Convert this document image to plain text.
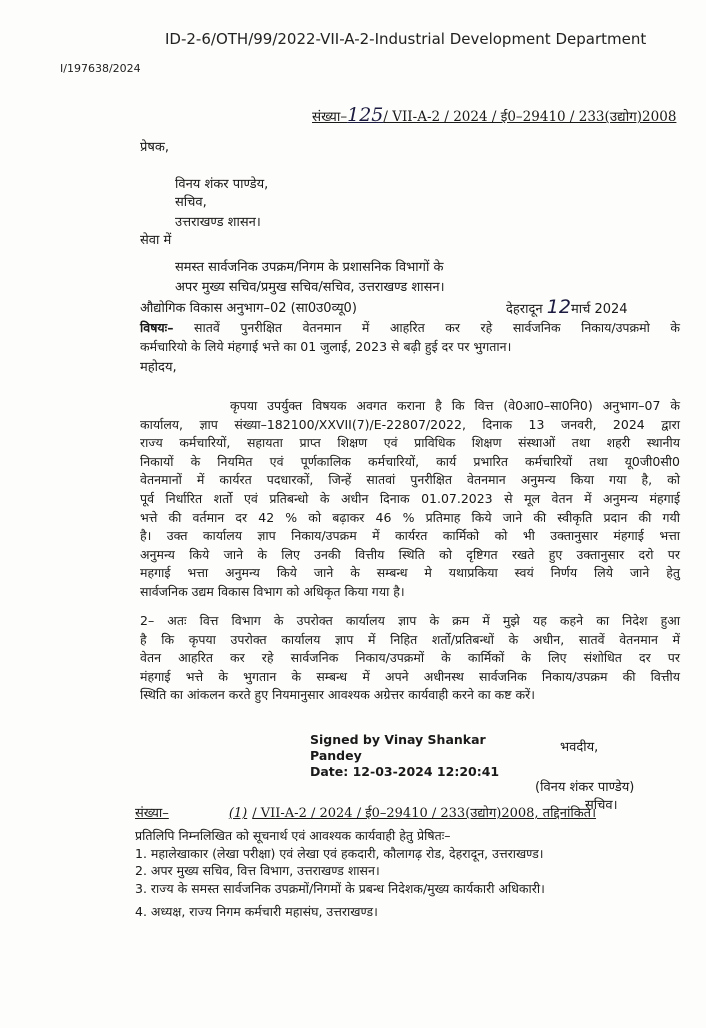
ID-2-6/OTH/99/2022-VII-A-2-Industrial Development Department
I/197638/2024
संख्या–125/ VII-A-2 / 2024 / ई0–29410 / 233(उद्योग)2008
प्रेषक,
विनय शंकर पाण्डेय,
सचिव,
उत्तराखण्ड शासन।
सेवा में
समस्त सार्वजनिक उपक्रम/निगम के प्रशासनिक विभागों के
अपर मुख्य सचिव/प्रमुख सचिव/सचिव, उत्तराखण्ड शासन।
औद्योगिक विकास अनुभाग–02 (सा0उ0व्यू0)	देहरादून 12मार्च 2024
विषयः– सातवें पुनरीक्षित वेतनमान में आहरित कर रहे सार्वजनिक निकाय/उपक्रमो के
कर्मचारियो के लिये मंहगाई भत्ते का 01 जुलाई, 2023 से बढ़ी हुई दर पर भुगतान।
महोदय,
कृपया उपर्युक्त विषयक अवगत कराना है कि वित्त (वे0आ0–सा0नि0) अनुभाग–07 के
कार्यालय, ज्ञाप संख्या–182100/XXVII(7)/E-22807/2022, दिनाक 13 जनवरी, 2024 द्वारा
राज्य कर्मचारियों, सहायता प्राप्त शिक्षण एवं प्राविधिक शिक्षण संस्थाओं तथा शहरी स्थानीय
निकायों के नियमित एवं पूर्णकालिक कर्मचारियों, कार्य प्रभारित कर्मचारियों तथा यू0जी0सी0
वेतनमानों में कार्यरत पदधारकों, जिन्हें सातवां पुनरीक्षित वेतनमान अनुमन्य किया गया है, को
पूर्व निर्धारित शर्तो एवं प्रतिबन्धो के अधीन दिनाक 01.07.2023 से मूल वेतन में अनुमन्य मंहगाई
भत्ते की वर्तमान दर 42 % को बढ़ाकर 46 % प्रतिमाह किये जाने की स्वीकृति प्रदान की गयी
है। उक्त कार्यालय ज्ञाप निकाय/उपक्रम में कार्यरत कार्मिको को भी उक्तानुसार मंहगाई भत्ता
अनुमन्य किये जाने के लिए उनकी वित्तीय स्थिति को दृष्टिगत रखते हुए उक्तानुसार दरो पर
महगाई भत्ता अनुमन्य किये जाने के सम्बन्ध मे यथाप्रकिया स्वयं निर्णय लिये जाने हेतु
सार्वजनिक उद्यम विकास विभाग को अधिकृत किया गया है।
2– अतः वित्त विभाग के उपरोक्त कार्यालय ज्ञाप के क्रम में मुझे यह कहने का निदेश हुआ
है कि कृपया उपरोक्त कार्यालय ज्ञाप में निहित शर्तो/प्रतिबन्धों के अधीन, सातवें वेतनमान में
वेतन आहरित कर रहे सार्वजनिक निकाय/उपक्रमों के कार्मिकों के लिए संशोधित दर पर
मंहगाई भत्ते के भुगतान के सम्बन्ध में अपने अधीनस्थ सार्वजनिक निकाय/उपक्रम की वित्तीय
स्थिति का आंकलन करते हुए नियमानुसार आवश्यक अग्रेत्तर कार्यवाही करने का कष्ट करें।
Signed by Vinay Shankar Pandey
Date: 12-03-2024 12:20:41
भवदीय,
(विनय शंकर पाण्डेय)
सचिव।
संख्या–	(1) / VII-A-2 / 2024 / ई0–29410 / 233(उद्योग)2008, तद्दिनांकित।
प्रतिलिपि निम्नलिखित को सूचनार्थ एवं आवश्यक कार्यवाही हेतु प्रेषितः–
1. महालेखाकार (लेखा परीक्षा) एवं लेखा एवं हकदारी, कौलागढ़ रोड, देहरादून, उत्तराखण्ड।
2. अपर मुख्य सचिव, वित्त विभाग, उत्तराखण्ड शासन।
3. राज्य के समस्त सार्वजनिक उपक्रमों/निगमों के प्रबन्ध निदेशक/मुख्य कार्यकारी अधिकारी।
4. अध्यक्ष, राज्य निगम कर्मचारी महासंघ, उत्तराखण्ड।
